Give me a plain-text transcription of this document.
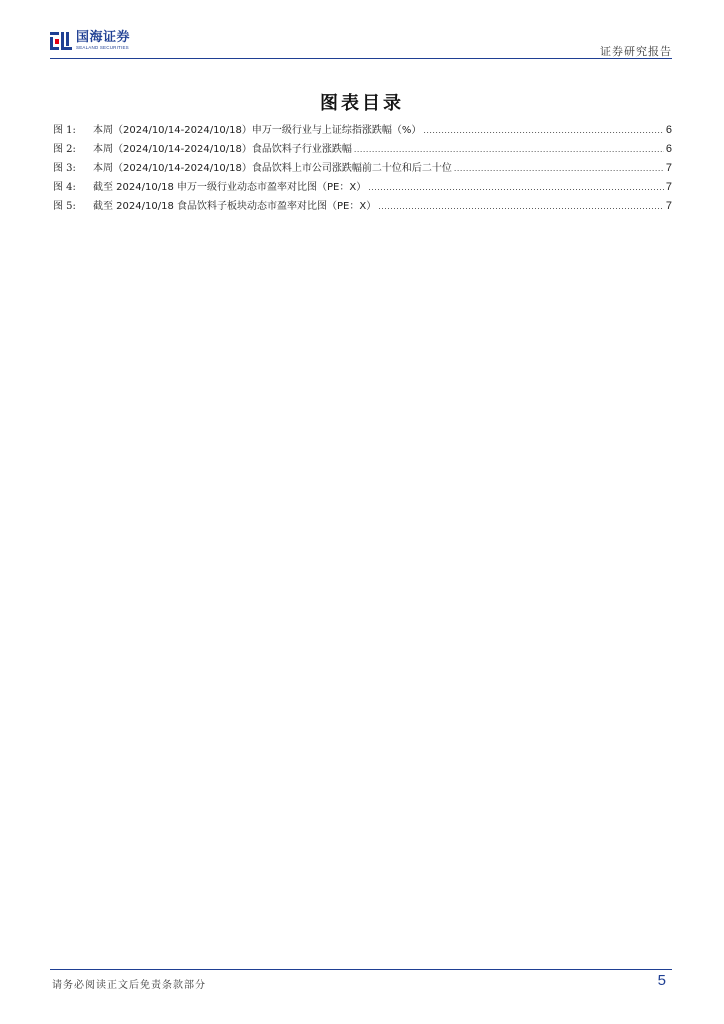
国海证券
SEALAND SECURITIES	证券研究报告
图表目录
图 1:	本周（2024/10/14-2024/10/18）申万一级行业与上证综指涨跌幅（%） .....	6
图 2:	本周（2024/10/14-2024/10/18）食品饮料子行业涨跌幅 .....	6
图 3:	本周（2024/10/14-2024/10/18）食品饮料上市公司涨跌幅前二十位和后二十位 .....	7
图 4:	截至 2024/10/18 申万一级行业动态市盈率对比图（PE：X） .....	7
图 5:	截至 2024/10/18 食品饮料子板块动态市盈率对比图（PE：X） .....	7
请务必阅读正文后免责条款部分	5
